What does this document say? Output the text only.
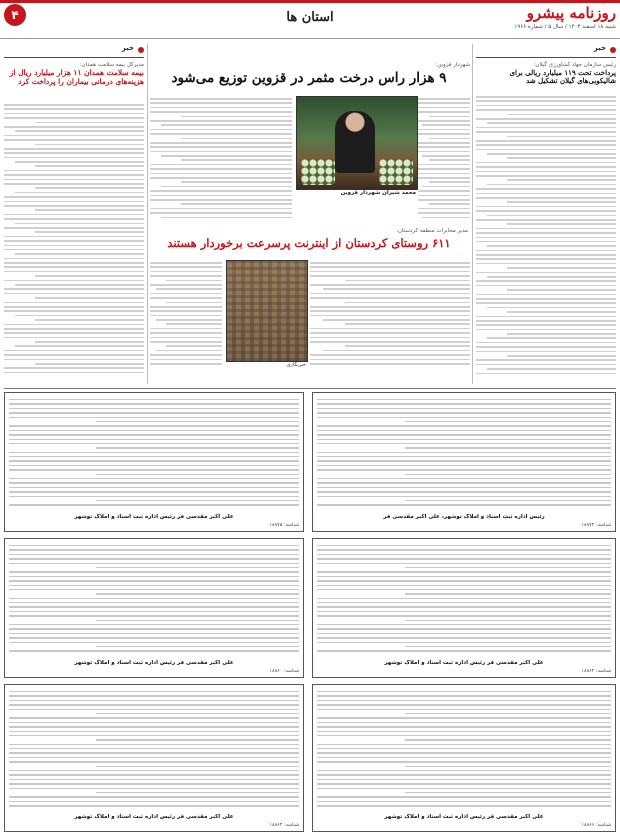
روزنامه پیشرو
شنبه ۱۸ اسفند ۱۴۰۳ / سال ۵ / شماره ۱۹۶۶
استان ها
۴
خبر
خبر
رئیس سازمان جهاد کشاورزی گیلان:
پرداخت تحت ۱۱۹ میلیارد ریالی برای شالیکوبی‌های گیلان تشکیل شد
شهردار قزوین:
۹ هزار راس درخت مثمر در قزوین توزیع می‌شود
محمد شیران شهردار قزوین
مدیر مخابرات منطقه کردستان:
۶۱۱ روستای کردستان از اینترنت پرسرعت برخوردار هستند
خبرنگاری
مدیرکل بیمه سلامت همدان:
بیمه سلامت همدان ۱۱ هزار میلیارد ریال از هزینه‌های درمانی بیماران را پرداخت کرد
علی اکبر مقدسی فر رئیس اداره ثبت اسناد و املاک توشهر
شناسه: ۱۸۸۷۵
رئیس اداره ثبت اسناد و املاک توشهر، علی اکبر مقدسی فر
شناسه: ۱۸۸۷۲
علی اکبر مقدسی فر رئیس اداره ثبت اسناد و املاک توشهر
شناسه: ۱۸۸۶۰
علی اکبر مقدسی فر رئیس اداره ثبت اسناد و املاک توشهر
شناسه: ۱۸۸۶۲
علی اکبر مقدسی فر رئیس اداره ثبت اسناد و املاک توشهر
شناسه: ۱۸۸۶۴
علی اکبر مقدسی فر رئیس اداره ثبت اسناد و املاک توشهر
شناسه: ۱۸۸۶۶
